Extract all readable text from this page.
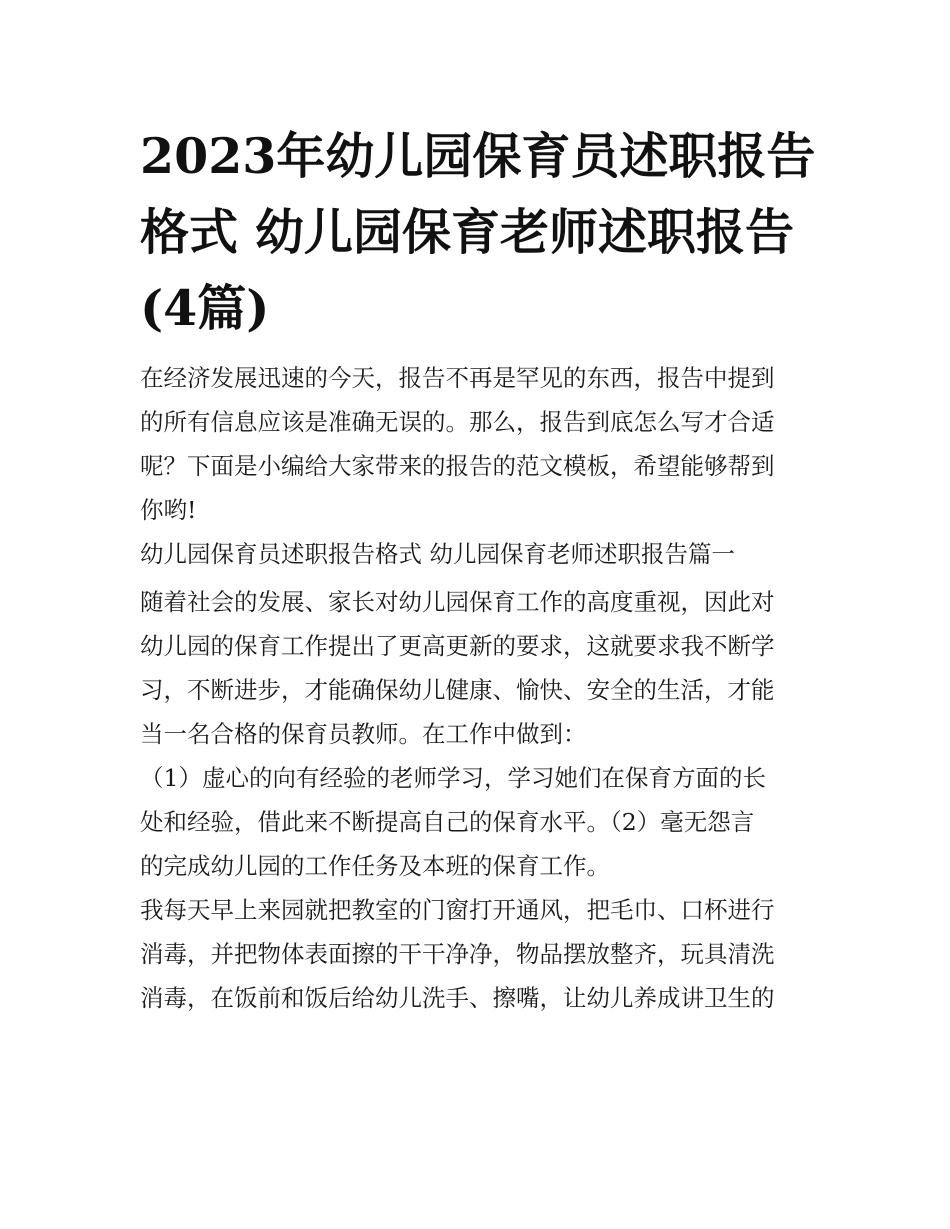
2023年幼儿园保育员述职报告
格式 幼儿园保育老师述职报告
(4篇)

在经济发展迅速的今天，报告不再是罕见的东西，报告中提到
的所有信息应该是准确无误的。那么，报告到底怎么写才合适
呢？下面是小编给大家带来的报告的范文模板，希望能够帮到
你哟!

幼儿园保育员述职报告格式 幼儿园保育老师述职报告篇一

随着社会的发展、家长对幼儿园保育工作的高度重视，因此对
幼儿园的保育工作提出了更高更新的要求，这就要求我不断学
习，不断进步，才能确保幼儿健康、愉快、安全的生活，才能
当一名合格的保育员教师。在工作中做到：

（1）虚心的向有经验的老师学习，学习她们在保育方面的长
处和经验，借此来不断提高自己的保育水平。（2）毫无怨言
的完成幼儿园的工作任务及本班的保育工作。

我每天早上来园就把教室的门窗打开通风，把毛巾、口杯进行
消毒，并把物体表面擦的干干净净，物品摆放整齐，玩具清洗
消毒，在饭前和饭后给幼儿洗手、擦嘴，让幼儿养成讲卫生的
